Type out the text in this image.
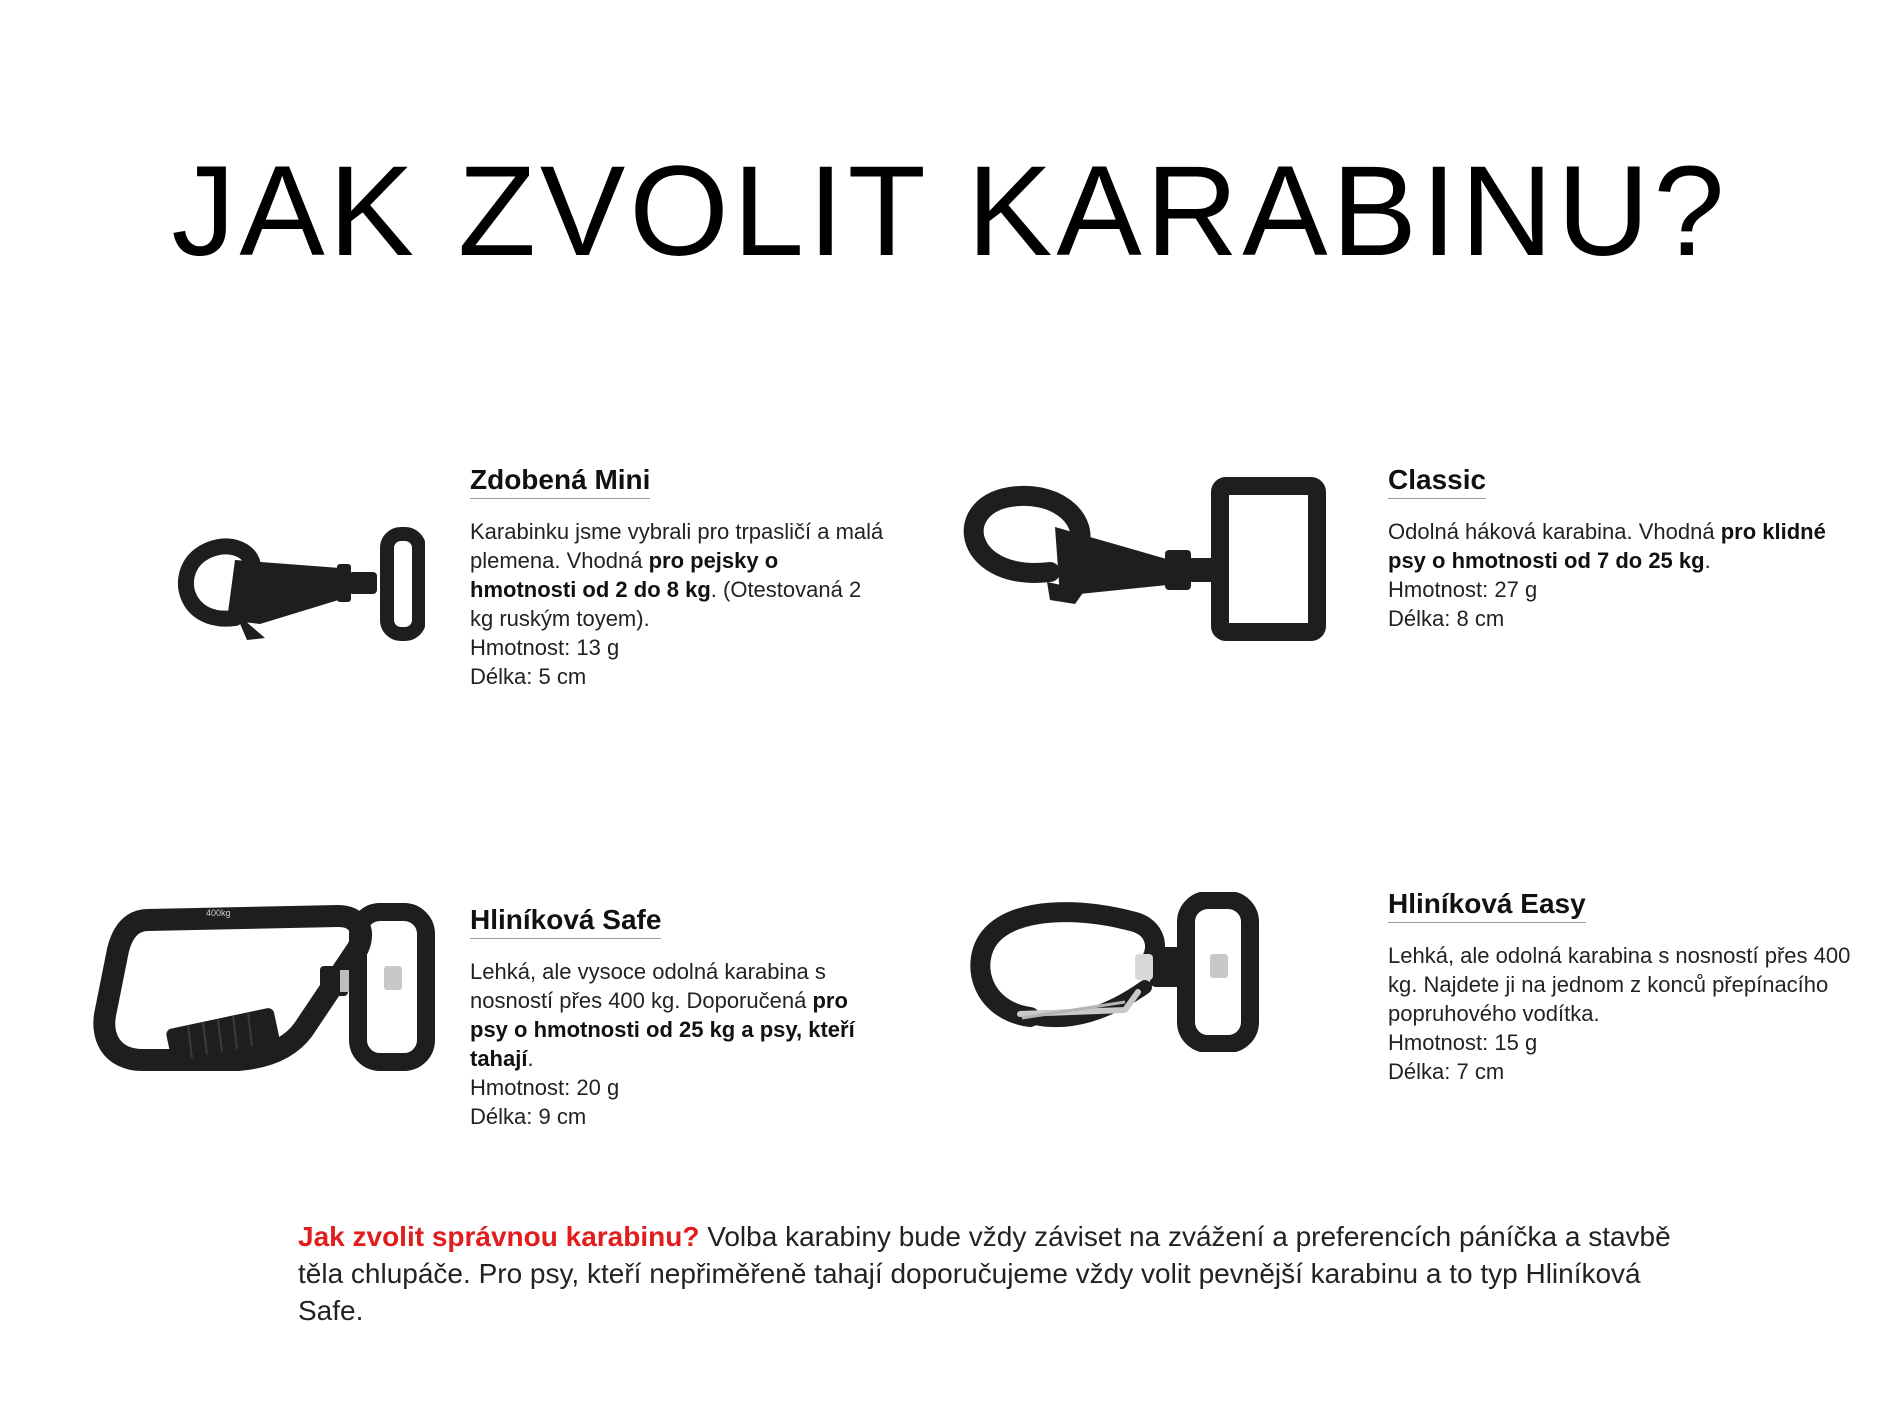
JAK ZVOLIT KARABINU?
Zdobená Mini

Karabinku jsme vybrali pro trpasličí a malá plemena. Vhodná pro pejsky o hmotnosti od 2 do 8 kg. (Otestovaná 2 kg ruským toyem).

Hmotnost: 13 g

Délka: 5 cm

Classic

Odolná háková karabina. Vhodná pro klidné psy o hmotnosti od 7 do 25 kg.

Hmotnost: 27 g

Délka: 8 cm

400kg	Hliníková Safe

Lehká, ale vysoce odolná karabina s nosností přes 400 kg. Doporučená pro psy o hmotnosti od 25 kg a psy, kteří tahají.

Hmotnost: 20 g

Délka: 9 cm

Hliníková Easy

Lehká, ale odolná karabina s nosností přes 400 kg. Najdete ji na jednom z konců přepínacího popruhového vodítka.

Hmotnost: 15 g

Délka: 7 cm

Jak zvolit správnou karabinu? Volba karabiny bude vždy záviset na zvážení a preferencích páníčka a stavbě těla chlupáče. Pro psy, kteří nepřiměřeně tahají doporučujeme vždy volit pevnější karabinu a to typ Hliníková Safe.
